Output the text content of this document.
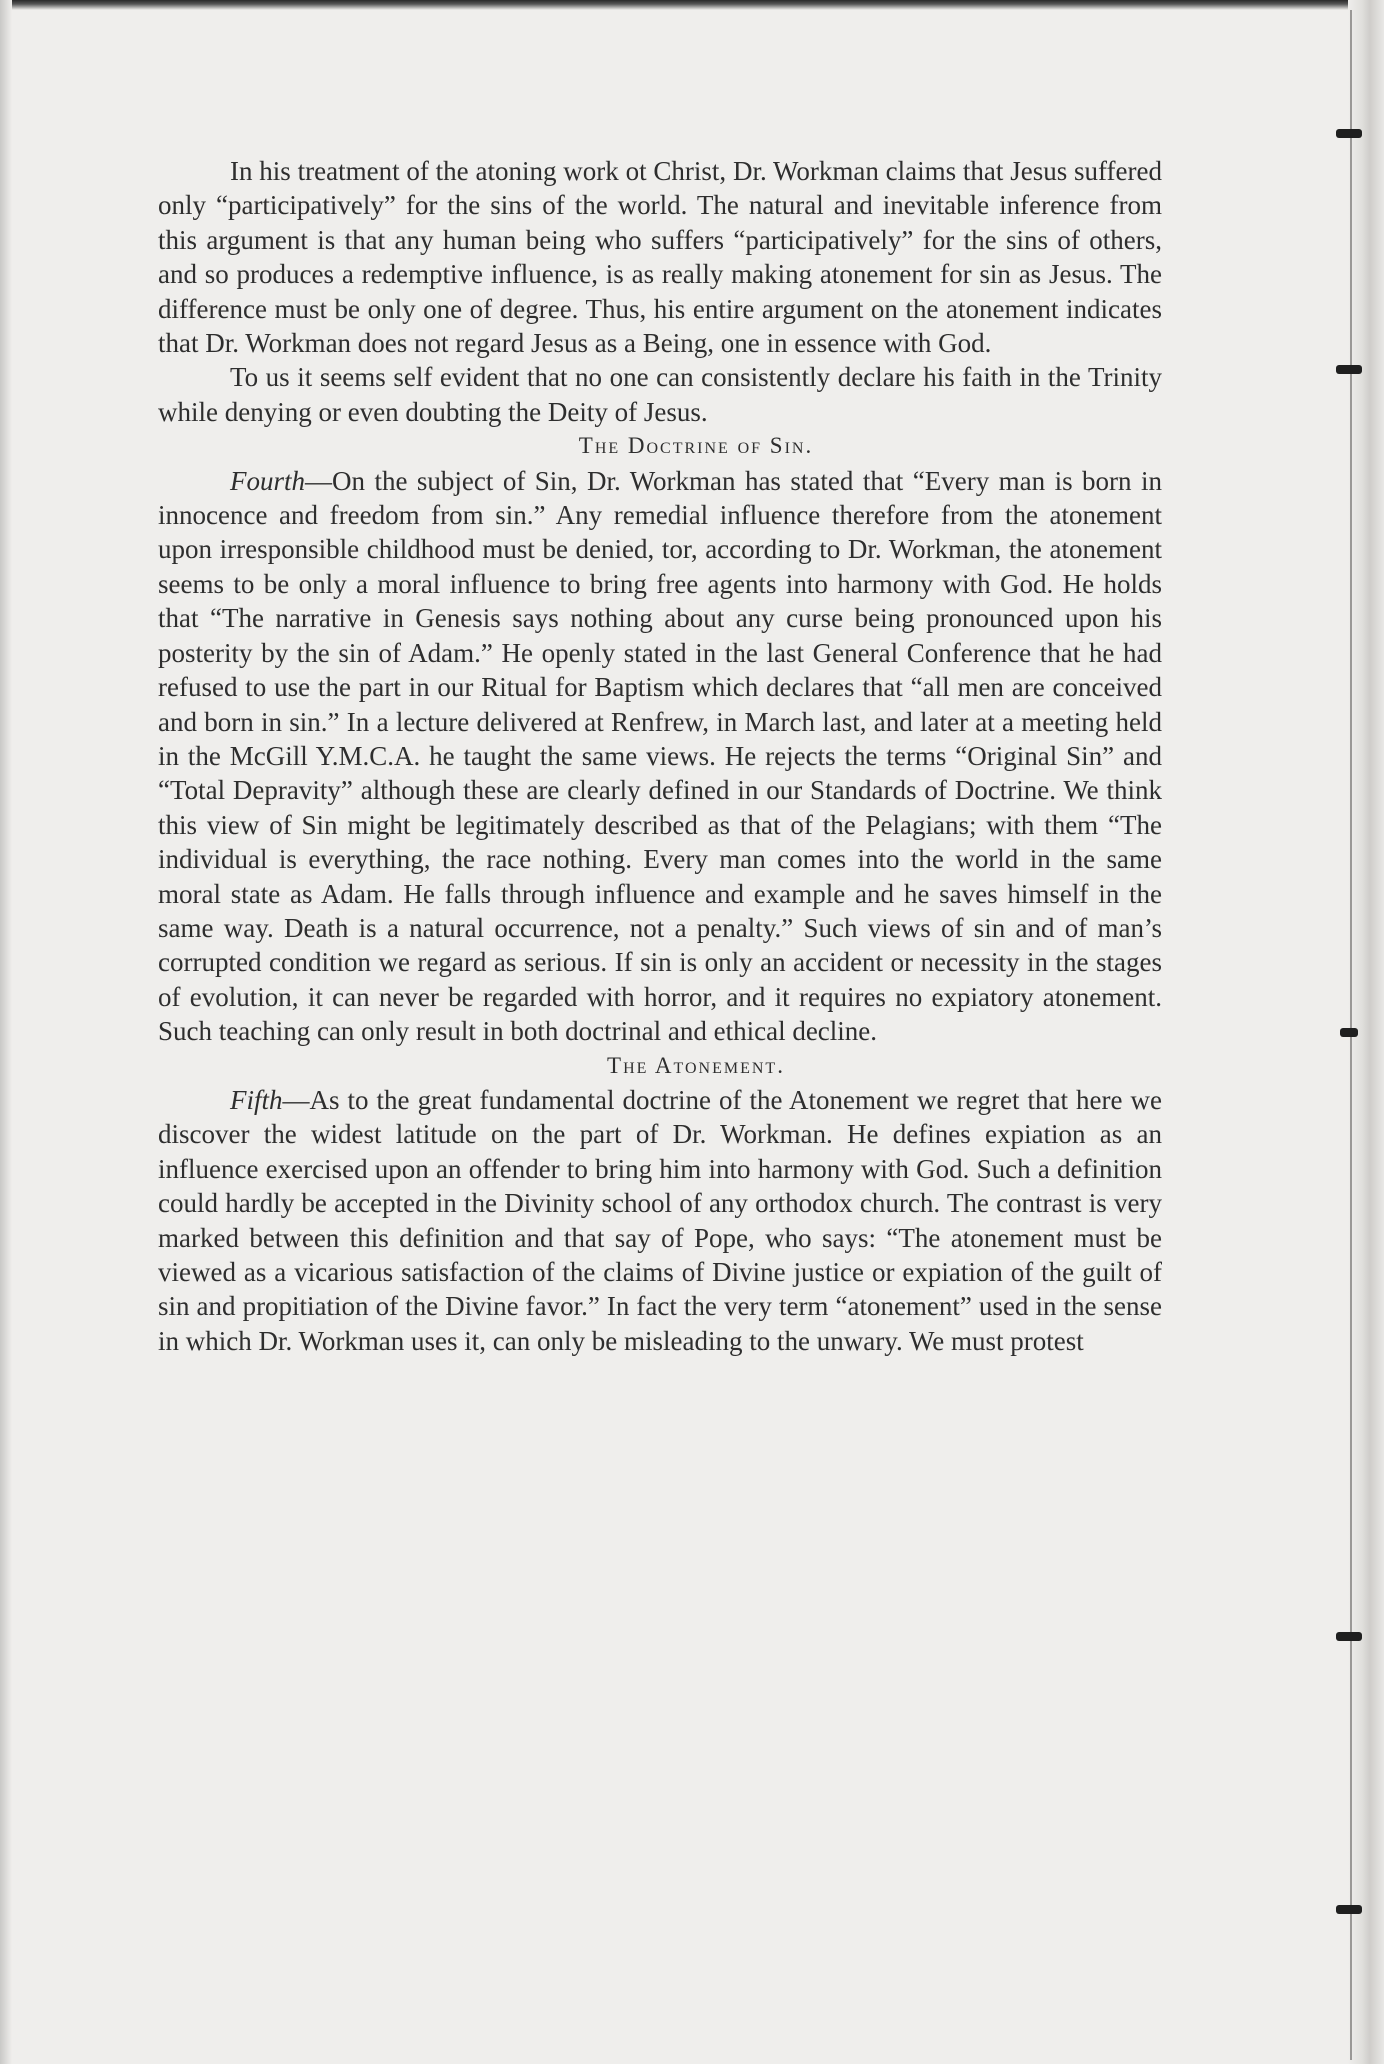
In his treatment of the atoning work ot Christ, Dr. Workman claims that Jesus suffered only “participatively” for the sins of the world. The natural and inevitable inference from this argument is that any human being who suffers “participatively” for the sins of others, and so produces a redemptive influence, is as really making atonement for sin as Jesus. The difference must be only one of degree. Thus, his entire argument on the atonement indicates that Dr. Workman does not regard Jesus as a Being, one in essence with God.

To us it seems self evident that no one can consistently declare his faith in the Trinity while denying or even doubting the Deity of Jesus.

The Doctrine of Sin.

Fourth—On the subject of Sin, Dr. Workman has stated that “Every man is born in innocence and freedom from sin.” Any remedial influence therefore from the atonement upon irresponsible childhood must be denied, tor, according to Dr. Workman, the atonement seems to be only a moral influence to bring free agents into harmony with God. He holds that “The narrative in Genesis says nothing about any curse being pronounced upon his posterity by the sin of Adam.” He openly stated in the last General Conference that he had refused to use the part in our Ritual for Baptism which declares that “all men are conceived and born in sin.” In a lecture delivered at Renfrew, in March last, and later at a meeting held in the McGill Y.M.C.A. he taught the same views. He rejects the terms “Original Sin” and “Total Depravity” although these are clearly defined in our Standards of Doctrine. We think this view of Sin might be legitimately described as that of the Pelagians; with them “The individual is everything, the race nothing. Every man comes into the world in the same moral state as Adam. He falls through influence and example and he saves himself in the same way. Death is a natural occurrence, not a penalty.” Such views of sin and of man’s corrupted condition we regard as serious. If sin is only an accident or necessity in the stages of evolution, it can never be regarded with horror, and it requires no expiatory atonement. Such teaching can only result in both doctrinal and ethical decline.

The Atonement.

Fifth—As to the great fundamental doctrine of the Atonement we regret that here we discover the widest latitude on the part of Dr. Workman. He defines expiation as an influence exercised upon an offender to bring him into harmony with God. Such a definition could hardly be accepted in the Divinity school of any orthodox church. The contrast is very marked between this definition and that say of Pope, who says: “The atonement must be viewed as a vicarious satisfaction of the claims of Divine justice or expiation of the guilt of sin and propitiation of the Divine favor.” In fact the very term “atonement” used in the sense in which Dr. Workman uses it, can only be misleading to the unwary. We must protest
